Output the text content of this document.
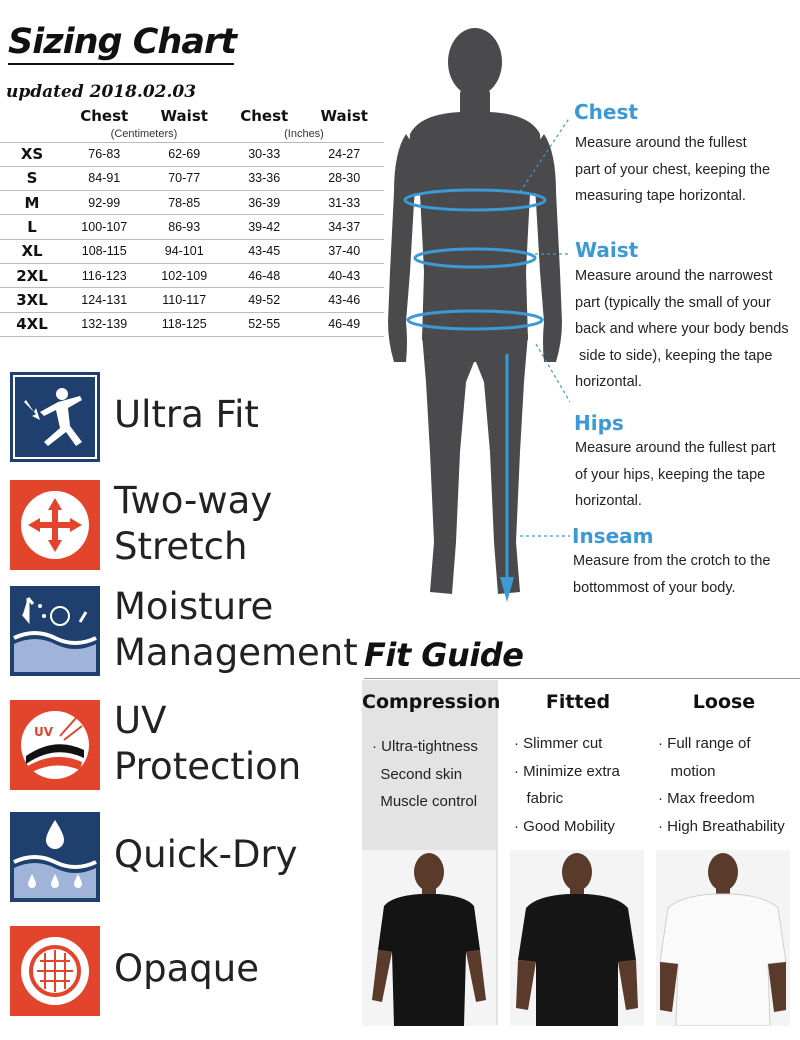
Sizing Chart
updated 2018.02.03
	Chest	Waist	Chest	Waist
	(Centimeters)		(Inches)	
XS	76-83	62-69	30-33	24-27
S	84-91	70-77	33-36	28-30
M	92-99	78-85	36-39	31-33
L	100-107	86-93	39-42	34-37
XL	108-115	94-101	43-45	37-40
2XL	116-123	102-109	46-48	40-43
3XL	124-131	110-117	49-52	43-46
4XL	132-139	118-125	52-55	46-49
Ultra Fit
Two-way
Stretch
Moisture
Management
UV UV
Protection
Quick-Dry
Opaque
Chest
Measure around the fullest
part of your chest, keeping the
measuring tape horizontal.
Waist
Measure around the narrowest
part (typically the small of your
back and where your body bends
side to side), keeping the tape
horizontal.
Hips
Measure around the fullest part
of your hips, keeping the tape
horizontal.
Inseam
Measure from the crotch to the
bottommost of your body.
Fit Guide
Compression	Fitted	Loose
· Ultra-tightness
Second skin
Muscle control
· Slimmer cut
· Minimize extra
fabric
· Good Mobility
· Full range of
motion
· Max freedom
· High Breathability
